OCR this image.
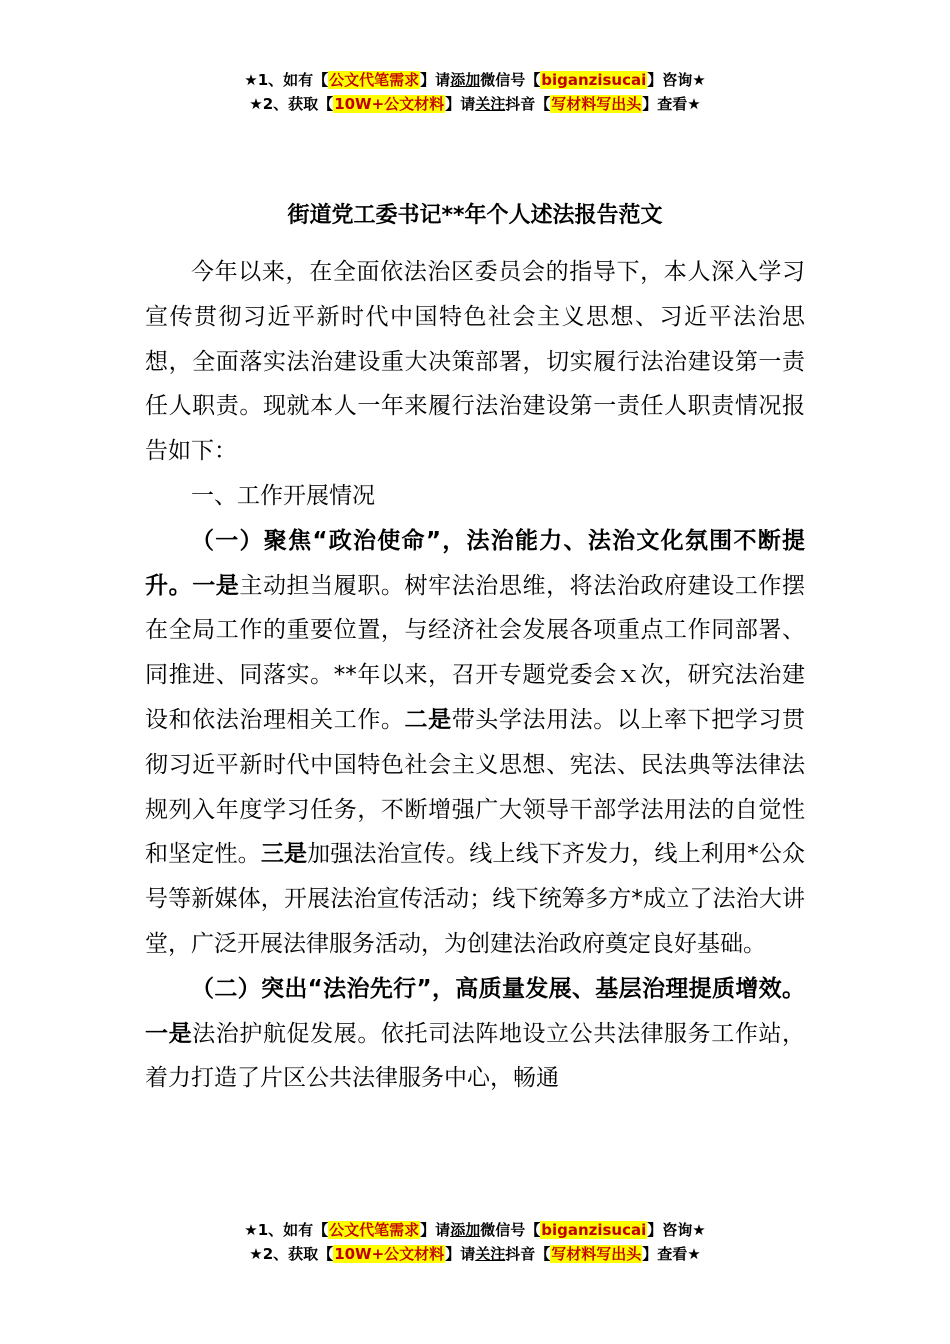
★1、如有【公文代笔需求】请添加微信号【biganzisucai】咨询★
★2、获取【10W+公文材料】请关注抖音【写材料写出头】查看★
街道党工委书记**年个人述法报告范文

今年以来，在全面依法治区委员会的指导下，本人深入学习宣传贯彻习近平新时代中国特色社会主义思想、习近平法治思想，全面落实法治建设重大决策部署，切实履行法治建设第一责任人职责。现就本人一年来履行法治建设第一责任人职责情况报告如下：

一、工作开展情况

（一）聚焦“政治使命”，法治能力、法治文化氛围不断提升。一是主动担当履职。树牢法治思维，将法治政府建设工作摆在全局工作的重要位置，与经济社会发展各项重点工作同部署、同推进、同落实。**年以来，召开专题党委会ｘ次，研究法治建设和依法治理相关工作。二是带头学法用法。以上率下把学习贯彻习近平新时代中国特色社会主义思想、宪法、民法典等法律法规列入年度学习任务，不断增强广大领导干部学法用法的自觉性和坚定性。三是加强法治宣传。线上线下齐发力，线上利用*公众号等新媒体，开展法治宣传活动；线下统筹多方*成立了法治大讲堂，广泛开展法律服务活动，为创建法治政府奠定良好基础。

（二）突出“法治先行”，高质量发展、基层治理提质增效。一是法治护航促发展。依托司法阵地设立公共法律服务工作站，着力打造了片区公共法律服务中心，畅通

★1、如有【公文代笔需求】请添加微信号【biganzisucai】咨询★
★2、获取【10W+公文材料】请关注抖音【写材料写出头】查看★
